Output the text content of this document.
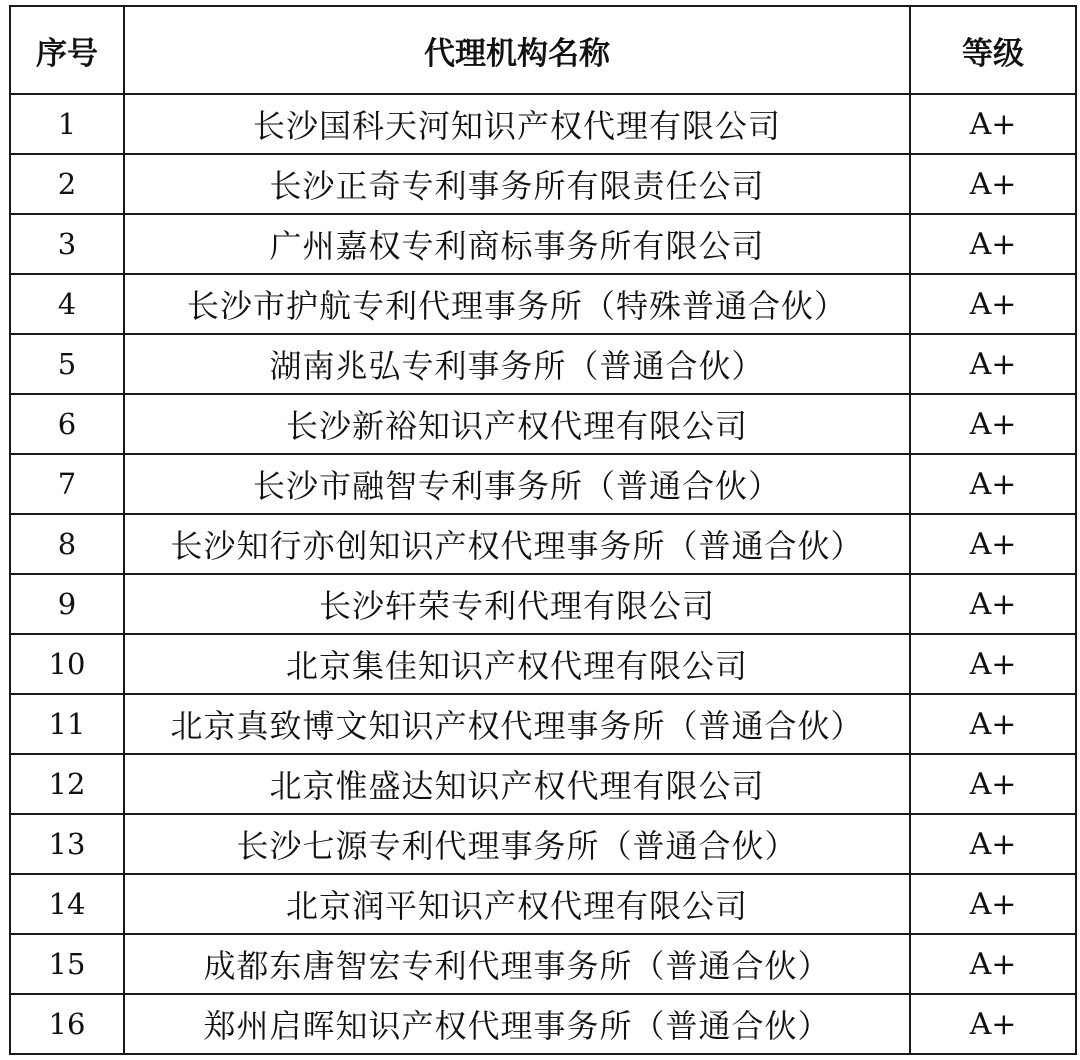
序号	代理机构名称	等级
1	长沙国科天河知识产权代理有限公司	A+
2	长沙正奇专利事务所有限责任公司	A+
3	广州嘉权专利商标事务所有限公司	A+
4	长沙市护航专利代理事务所（特殊普通合伙）	A+
5	湖南兆弘专利事务所（普通合伙）	A+
6	长沙新裕知识产权代理有限公司	A+
7	长沙市融智专利事务所（普通合伙）	A+
8	长沙知行亦创知识产权代理事务所（普通合伙）	A+
9	长沙轩荣专利代理有限公司	A+
10	北京集佳知识产权代理有限公司	A+
11	北京真致博文知识产权代理事务所（普通合伙）	A+
12	北京惟盛达知识产权代理有限公司	A+
13	长沙七源专利代理事务所（普通合伙）	A+
14	北京润平知识产权代理有限公司	A+
15	成都东唐智宏专利代理事务所（普通合伙）	A+
16	郑州启晖知识产权代理事务所（普通合伙）	A+
